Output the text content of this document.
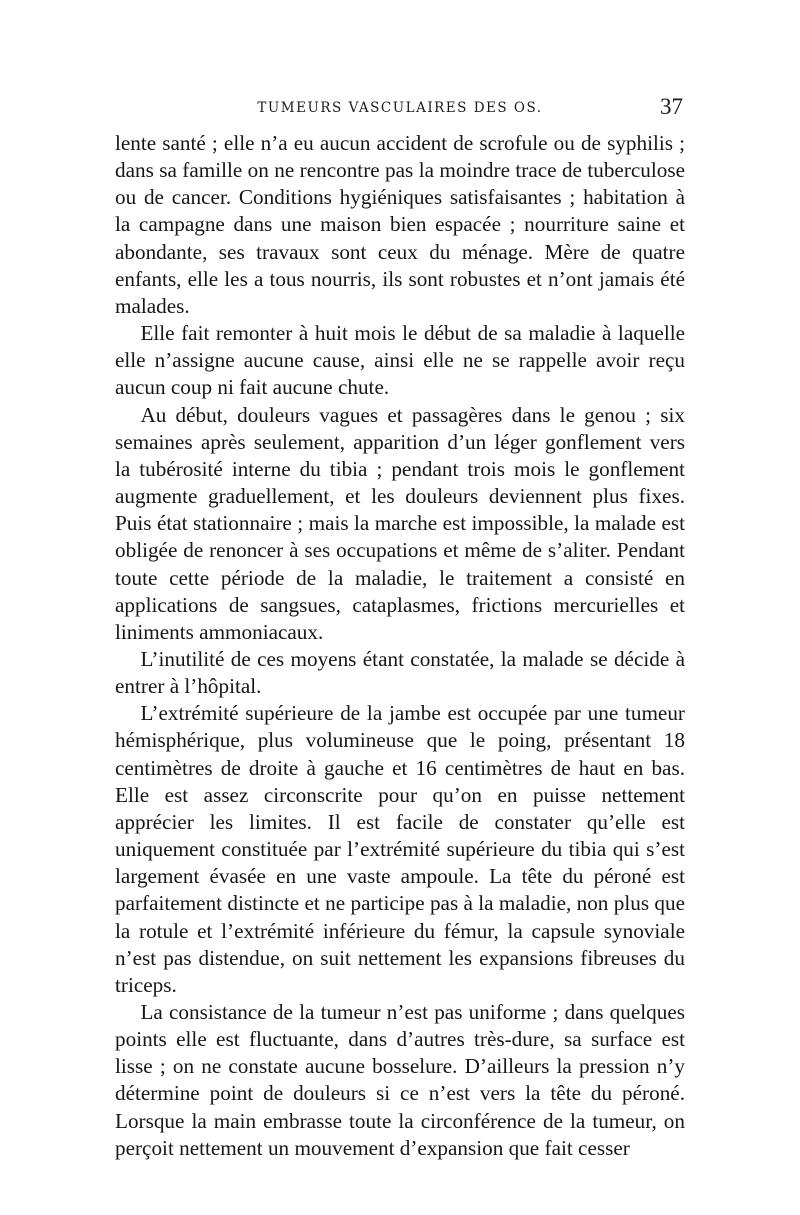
TUMEURS VASCULAIRES DES OS.	37

lente santé ; elle n’a eu aucun accident de scrofule ou de syphilis ; dans sa famille on ne rencontre pas la moindre trace de tuberculose ou de cancer. Conditions hygiéniques satisfaisantes ; habitation à la campagne dans une maison bien espacée ; nourriture saine et abondante, ses travaux sont ceux du ménage. Mère de quatre enfants, elle les a tous nourris, ils sont robustes et n’ont jamais été malades.

Elle fait remonter à huit mois le début de sa maladie à laquelle elle n’assigne aucune cause, ainsi elle ne se rappelle avoir reçu aucun coup ni fait aucune chute.

Au début, douleurs vagues et passagères dans le genou ; six semaines après seulement, apparition d’un léger gonflement vers la tubérosité interne du tibia ; pendant trois mois le gonflement augmente graduellement, et les douleurs deviennent plus fixes. Puis état stationnaire ; mais la marche est impossible, la malade est obligée de renoncer à ses occupations et même de s’aliter. Pendant toute cette période de la maladie, le traitement a consisté en applications de sangsues, cataplasmes, frictions mercurielles et liniments ammoniacaux.

L’inutilité de ces moyens étant constatée, la malade se décide à entrer à l’hôpital.

L’extrémité supérieure de la jambe est occupée par une tumeur hémisphérique, plus volumineuse que le poing, présentant 18 centimètres de droite à gauche et 16 centimètres de haut en bas. Elle est assez circonscrite pour qu’on en puisse nettement apprécier les limites. Il est facile de constater qu’elle est uniquement constituée par l’extrémité supérieure du tibia qui s’est largement évasée en une vaste ampoule. La tête du péroné est parfaitement distincte et ne participe pas à la maladie, non plus que la rotule et l’extrémité inférieure du fémur, la capsule synoviale n’est pas distendue, on suit nettement les expansions fibreuses du triceps.

La consistance de la tumeur n’est pas uniforme ; dans quelques points elle est fluctuante, dans d’autres très-dure, sa surface est lisse ; on ne constate aucune bosselure. D’ailleurs la pression n’y détermine point de douleurs si ce n’est vers la tête du péroné. Lorsque la main embrasse toute la circonférence de la tumeur, on perçoit nettement un mouvement d’expansion que fait cesser
